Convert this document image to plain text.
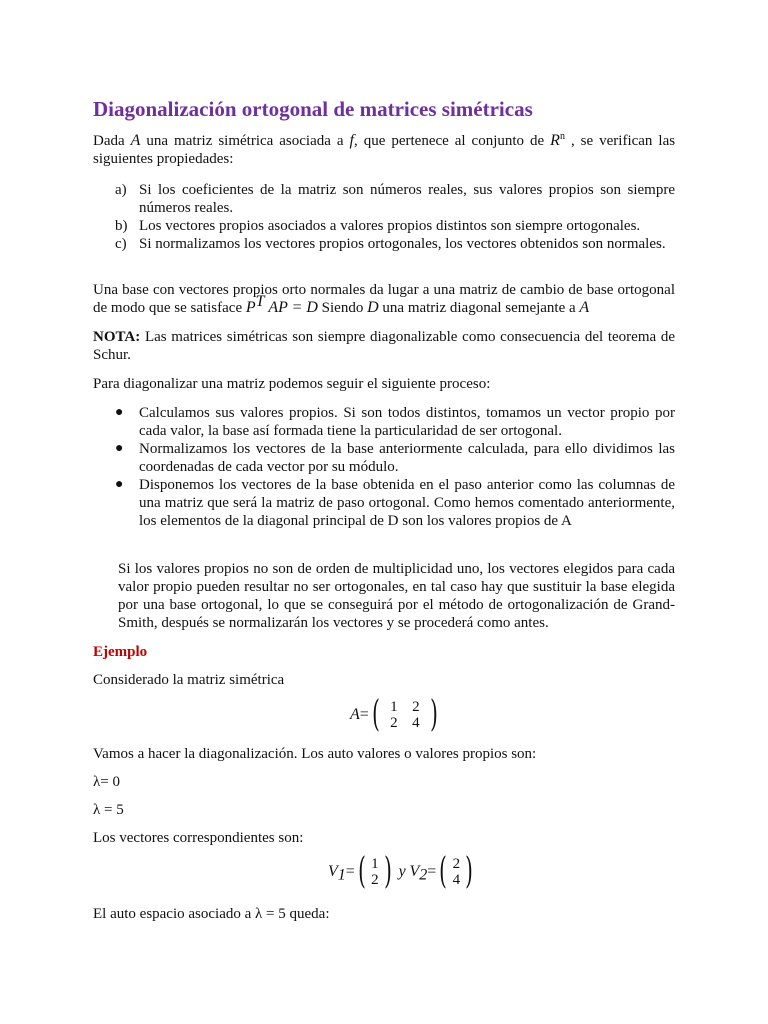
Diagonalización ortogonal de matrices simétricas
Dada A una matriz simétrica asociada a f, que pertenece al conjunto de $R^n$ , se verifican las siguientes propiedades:
a) Si los coeficientes de la matriz son números reales, sus valores propios son siempre números reales.
b) Los vectores propios asociados a valores propios distintos son siempre ortogonales.
c) Si normalizamos los vectores propios ortogonales, los vectores obtenidos son normales.
Una base con vectores propios orto normales da lugar a una matriz de cambio de base ortogonal de modo que se satisface $P^T$ AP = D Siendo D una matriz diagonal semejante a A
NOTA: Las matrices simétricas son siempre diagonalizable como consecuencia del teorema de Schur.
Para diagonalizar una matriz podemos seguir el siguiente proceso:
● Calculamos sus valores propios. Si son todos distintos, tomamos un vector propio por cada valor, la base así formada tiene la particularidad de ser ortogonal.
● Normalizamos los vectores de la base anteriormente calculada, para ello dividimos las coordenadas de cada vector por su módulo.
● Disponemos los vectores de la base obtenida en el paso anterior como las columnas de una matriz que será la matriz de paso ortogonal. Como hemos comentado anteriormente, los elementos de la diagonal principal de D son los valores propios de A
Si los valores propios no son de orden de multiplicidad uno, los vectores elegidos para cada valor propio pueden resultar no ser ortogonales, en tal caso hay que sustituir la base elegida por una base ortogonal, lo que se conseguirá por el método de ortogonalización de Grand-Smith, después se normalizarán los vectores y se procederá como antes.
Ejemplo
Considerado la matriz simétrica
A=( 1 2
2 4 )
Vamos a hacer la diagonalización. Los auto valores o valores propios son:
λ= 0
λ = 5
Los vectores correspondientes son:
$V_1=$( 1
2 ) y $V_2=$( 2
4 )
El auto espacio asociado a λ = 5 queda:
